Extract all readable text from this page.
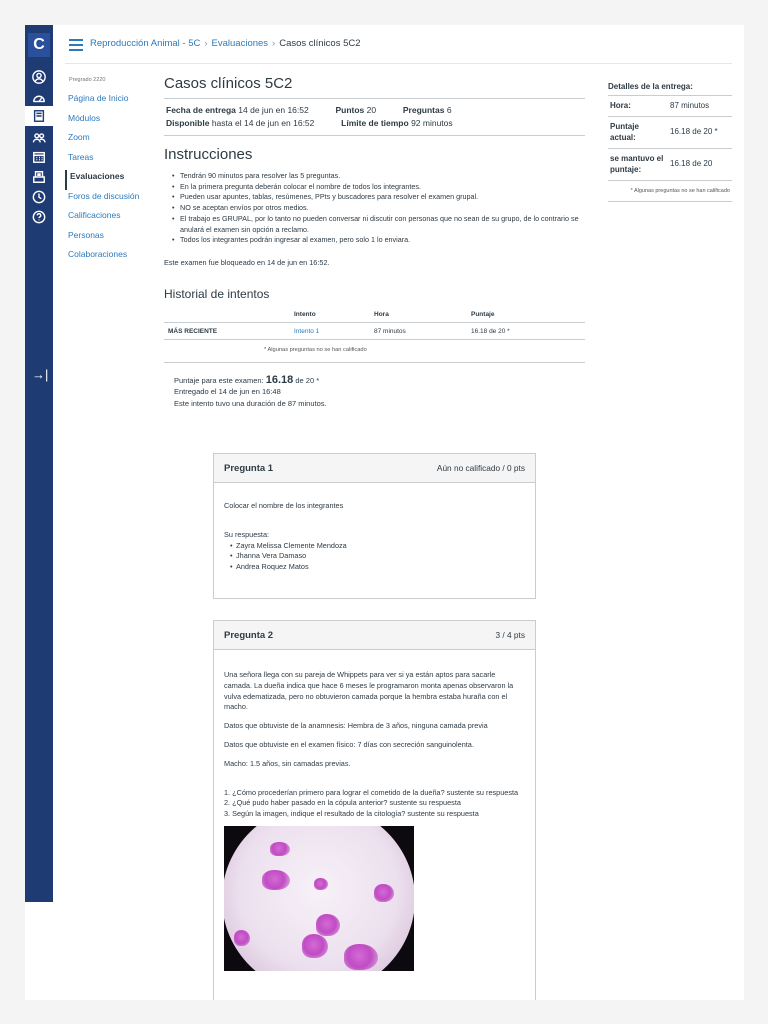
C
→|
Reproducción Animal - 5C › Evaluaciones › Casos clínicos 5C2
Pregrado 2220
Página de Inicio
Módulos
Zoom
Tareas
Evaluaciones
Foros de discusión
Calificaciones
Personas
Colaboraciones
Casos clínicos 5C2
Fecha de entrega 14 de jun en 16:52	Puntos 20	Preguntas 6
Disponible hasta el 14 de jun en 16:52	Límite de tiempo 92 minutos
Instrucciones
• Tendrán 90 minutos para resolver las 5 preguntas.
• En la primera pregunta deberán colocar el nombre de todos los integrantes.
• Pueden usar apuntes, tablas, resúmenes, PPts y buscadores para resolver el examen grupal.
• NO se aceptan envíos por otros medios.
• El trabajo es GRUPAL, por lo tanto no pueden conversar ni discutir con personas que no sean de su grupo, de lo contrario se anulará el examen sin opción a reclamo.
• Todos los integrantes podrán ingresar al examen, pero solo 1 lo enviara.

Este examen fue bloqueado en 14 de jun en 16:52.

Historial de intentos
	Intento	Hora	Puntaje
MÁS RECIENTE	Intento 1	87 minutos	16.18 de 20 *
* Algunas preguntas no se han calificado
Puntaje para este examen: 16.18 de 20 *
Entregado el 14 de jun en 16:48
Este intento tuvo una duración de 87 minutos.
Pregunta 1	Aún no calificado / 0 pts

Colocar el nombre de los integrantes

Su respuesta:
• Zayra Melissa Clemente Mendoza
• Jhanna Vera Damaso
• Andrea Roquez Matos
Pregunta 2	3 / 4 pts

Una señora llega con su pareja de Whippets para ver si ya están aptos para sacarle camada. La dueña indica que hace 6 meses le programaron monta apenas observaron la vulva edematizada, pero no obtuvieron camada porque la hembra estaba huraña con el macho.

Datos que obtuviste de la anamnesis: Hembra de 3 años, ninguna camada previa

Datos que obtuviste en el examen físico: 7 días con secreción sanguinolenta.

Macho: 1.5 años, sin camadas previas.

1. ¿Cómo procederían primero para lograr el cometido de la dueña? sustente su respuesta
2. ¿Qué pudo haber pasado en la cópula anterior? sustente su respuesta
3. Según la imagen, indique el resultado de la citología? sustente su respuesta
Detalles de la entrega:
Hora:	87 minutos
Puntaje actual:	16.18 de 20 *
se mantuvo el puntaje:	16.18 de 20
* Algunas preguntas no se han calificado
